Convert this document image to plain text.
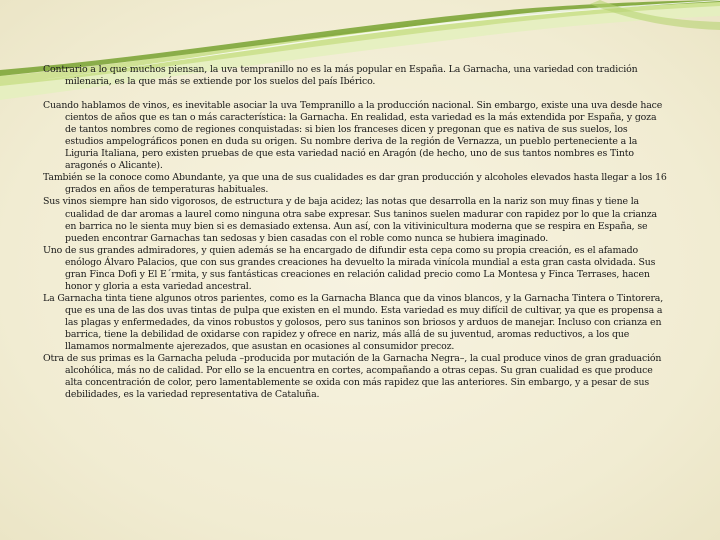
Contrario a lo que muchos piensan, la uva tempranillo no es la más popular en España. La Garnacha, una variedad con tradición milenaria, es la que más se extiende por los suelos del país Ibérico.

Cuando hablamos de vinos, es inevitable asociar la uva Tempranillo a la producción nacional. Sin embargo, existe una uva desde hace cientos de años que es tan o más característica: la Garnacha. En realidad, esta variedad es la más extendida por España, y goza de tantos nombres como de regiones conquistadas: si bien los franceses dicen y pregonan que es nativa de sus suelos, los estudios ampelográficos ponen en duda su origen. Su nombre deriva de la región de Vernazza, un pueblo perteneciente a la Liguria Italiana, pero existen pruebas de que esta variedad nació en Aragón (de hecho, uno de sus tantos nombres es Tinto aragonés o Alicante).

También se la conoce como Abundante, ya que una de sus cualidades es dar gran producción y alcoholes elevados hasta llegar a los 16 grados en años de temperaturas habituales.

Sus vinos siempre han sido vigorosos, de estructura y de baja acidez; las notas que desarrolla en la nariz son muy finas y tiene la cualidad de dar aromas a laurel como ninguna otra sabe expresar. Sus taninos suelen madurar con rapidez por lo que la crianza en barrica no le sienta muy bien si es demasiado extensa. Aun así, con la vitivinicultura moderna que se respira en España, se pueden encontrar Garnachas tan sedosas y bien casadas con el roble como nunca se hubiera imaginado.

Uno de sus grandes admiradores, y quien además se ha encargado de difundir esta cepa como su propia creación, es el afamado enólogo Álvaro Palacios, que con sus grandes creaciones ha devuelto la mirada vinícola mundial a esta gran casta olvidada. Sus gran Finca Dofi y El E´rmita, y sus fantásticas creaciones en relación calidad precio como La Montesa y Finca Terrases, hacen honor y gloria a esta variedad ancestral.

La Garnacha tinta tiene algunos otros parientes, como es la Garnacha Blanca que da vinos blancos, y la Garnacha Tintera o Tintorera, que es una de las dos uvas tintas de pulpa que existen en el mundo. Esta variedad es muy difícil de cultivar, ya que es propensa a las plagas y enfermedades, da vinos robustos y golosos, pero sus taninos son briosos y arduos de manejar. Incluso con crianza en barrica, tiene la debilidad de oxidarse con rapidez y ofrece en nariz, más allá de su juventud, aromas reductivos, a los que llamamos normalmente ajerezados, que asustan en ocasiones al consumidor precoz.

Otra de sus primas es la Garnacha peluda –producida por mutación de la Garnacha Negra–, la cual produce vinos de gran graduación alcohólica, más no de calidad. Por ello se la encuentra en cortes, acompañando a otras cepas. Su gran cualidad es que produce alta concentración de color, pero lamentablemente se oxida con más rapidez que las anteriores. Sin embargo, y a pesar de sus debilidades, es la variedad representativa de Cataluña.
